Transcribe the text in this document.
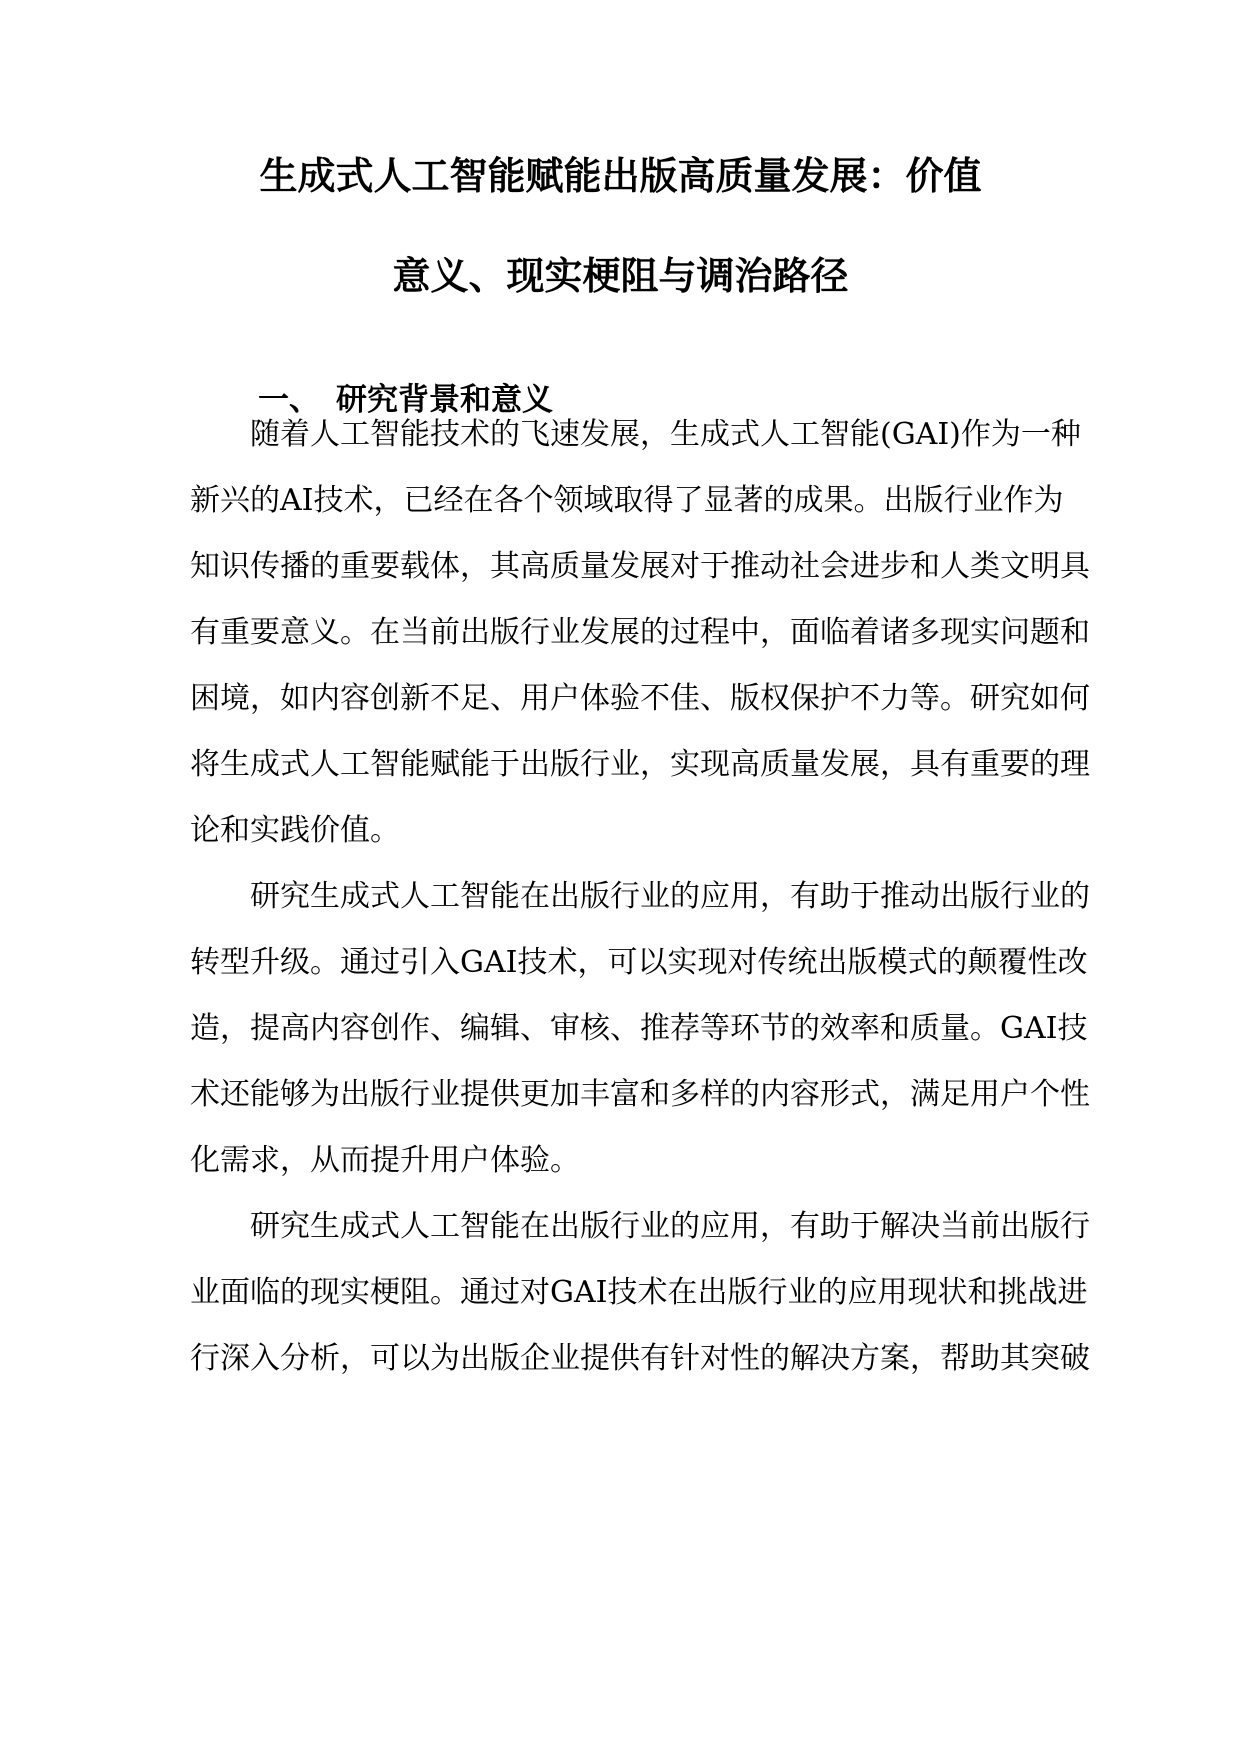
生成式人工智能赋能出版高质量发展：价值
意义、现实梗阻与调治路径
一、 研究背景和意义
随着人工智能技术的飞速发展，生成式人工智能(GAI)作为一种
新兴的AI技术，已经在各个领域取得了显著的成果。出版行业作为
知识传播的重要载体，其高质量发展对于推动社会进步和人类文明具
有重要意义。在当前出版行业发展的过程中，面临着诸多现实问题和
困境，如内容创新不足、用户体验不佳、版权保护不力等。研究如何
将生成式人工智能赋能于出版行业，实现高质量发展，具有重要的理
论和实践价值。
研究生成式人工智能在出版行业的应用，有助于推动出版行业的
转型升级。通过引入GAI技术，可以实现对传统出版模式的颠覆性改
造，提高内容创作、编辑、审核、推荐等环节的效率和质量。GAI技
术还能够为出版行业提供更加丰富和多样的内容形式，满足用户个性
化需求，从而提升用户体验。
研究生成式人工智能在出版行业的应用，有助于解决当前出版行
业面临的现实梗阻。通过对GAI技术在出版行业的应用现状和挑战进
行深入分析，可以为出版企业提供有针对性的解决方案，帮助其突破
